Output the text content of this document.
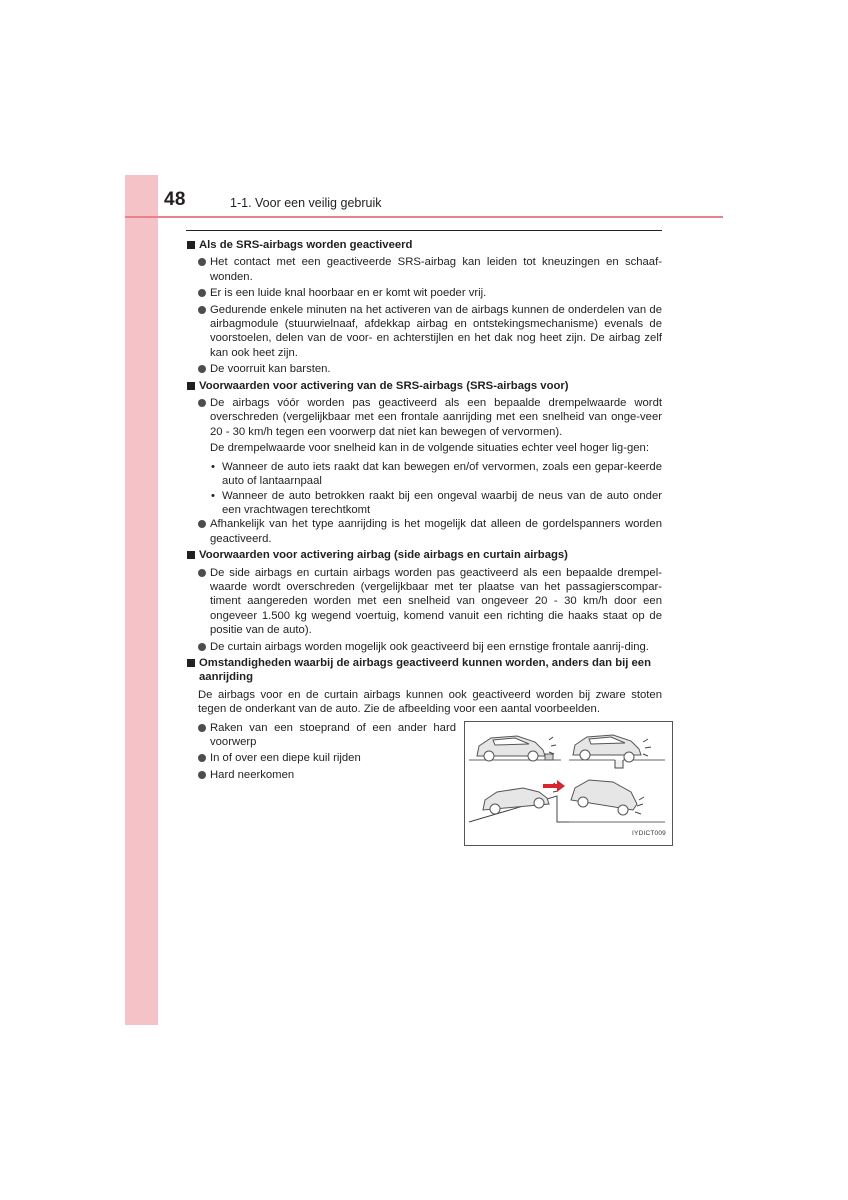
48	1-1. Voor een veilig gebruik
Als de SRS-airbags worden geactiveerd
Het contact met een geactiveerde SRS-airbag kan leiden tot kneuzingen en schaaf-wonden.
Er is een luide knal hoorbaar en er komt wit poeder vrij.
Gedurende enkele minuten na het activeren van de airbags kunnen de onderdelen van de airbagmodule (stuurwielnaaf, afdekkap airbag en ontstekingsmechanisme) evenals de voorstoelen, delen van de voor- en achterstijlen en het dak nog heet zijn. De airbag zelf kan ook heet zijn.
De voorruit kan barsten.
Voorwaarden voor activering van de SRS-airbags (SRS-airbags voor)
De airbags vóór worden pas geactiveerd als een bepaalde drempelwaarde wordt overschreden (vergelijkbaar met een frontale aanrijding met een snelheid van onge-veer 20 - 30 km/h tegen een voorwerp dat niet kan bewegen of vervormen).
De drempelwaarde voor snelheid kan in de volgende situaties echter veel hoger lig-gen:
• Wanneer de auto iets raakt dat kan bewegen en/of vervormen, zoals een gepar-keerde auto of lantaarnpaal
• Wanneer de auto betrokken raakt bij een ongeval waarbij de neus van de auto onder een vrachtwagen terechtkomt
Afhankelijk van het type aanrijding is het mogelijk dat alleen de gordelspanners worden geactiveerd.
Voorwaarden voor activering airbag (side airbags en curtain airbags)
De side airbags en curtain airbags worden pas geactiveerd als een bepaalde drempel-waarde wordt overschreden (vergelijkbaar met ter plaatse van het passagierscompar-timent aangereden worden met een snelheid van ongeveer 20 - 30 km/h door een ongeveer 1.500 kg wegend voertuig, komend vanuit een richting die haaks staat op de positie van de auto).
De curtain airbags worden mogelijk ook geactiveerd bij een ernstige frontale aanrij-ding.
Omstandigheden waarbij de airbags geactiveerd kunnen worden, anders dan bij een aanrijding
De airbags voor en de curtain airbags kunnen ook geactiveerd worden bij zware stoten tegen de onderkant van de auto. Zie de afbeelding voor een aantal voorbeelden.
Raken van een stoeprand of een ander hard voorwerp
In of over een diepe kuil rijden
Hard neerkomen
IYDICT009
